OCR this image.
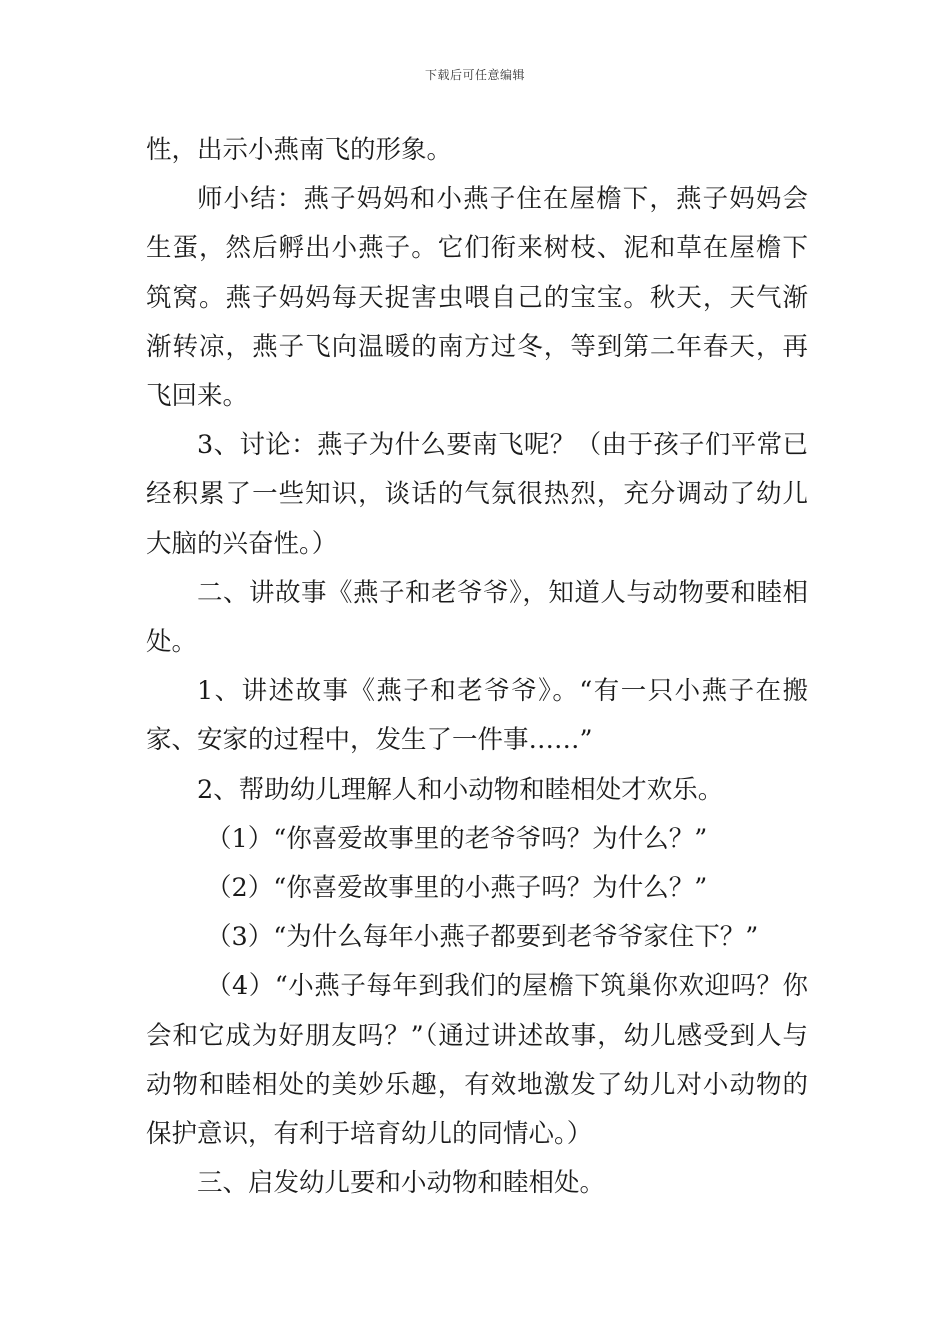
下载后可任意编辑

性，出示小燕南飞的形象。

师小结：燕子妈妈和小燕子住在屋檐下，燕子妈妈会生蛋，然后孵出小燕子。它们衔来树枝、泥和草在屋檐下筑窝。燕子妈妈每天捉害虫喂自己的宝宝。秋天，天气渐渐转凉，燕子飞向温暖的南方过冬，等到第二年春天，再飞回来。

3、讨论：燕子为什么要南飞呢？（由于孩子们平常已经积累了一些知识，谈话的气氛很热烈，充分调动了幼儿大脑的兴奋性。）

二、讲故事《燕子和老爷爷》，知道人与动物要和睦相处。

1、讲述故事《燕子和老爷爷》。“有一只小燕子在搬家、安家的过程中，发生了一件事……”

2、帮助幼儿理解人和小动物和睦相处才欢乐。

（1）“你喜爱故事里的老爷爷吗？为什么？”

（2）“你喜爱故事里的小燕子吗？为什么？”

（3）“为什么每年小燕子都要到老爷爷家住下？”

（4）“小燕子每年到我们的屋檐下筑巢你欢迎吗？你会和它成为好朋友吗？”（通过讲述故事，幼儿感受到人与动物和睦相处的美妙乐趣，有效地激发了幼儿对小动物的保护意识，有利于培育幼儿的同情心。）

三、启发幼儿要和小动物和睦相处。
